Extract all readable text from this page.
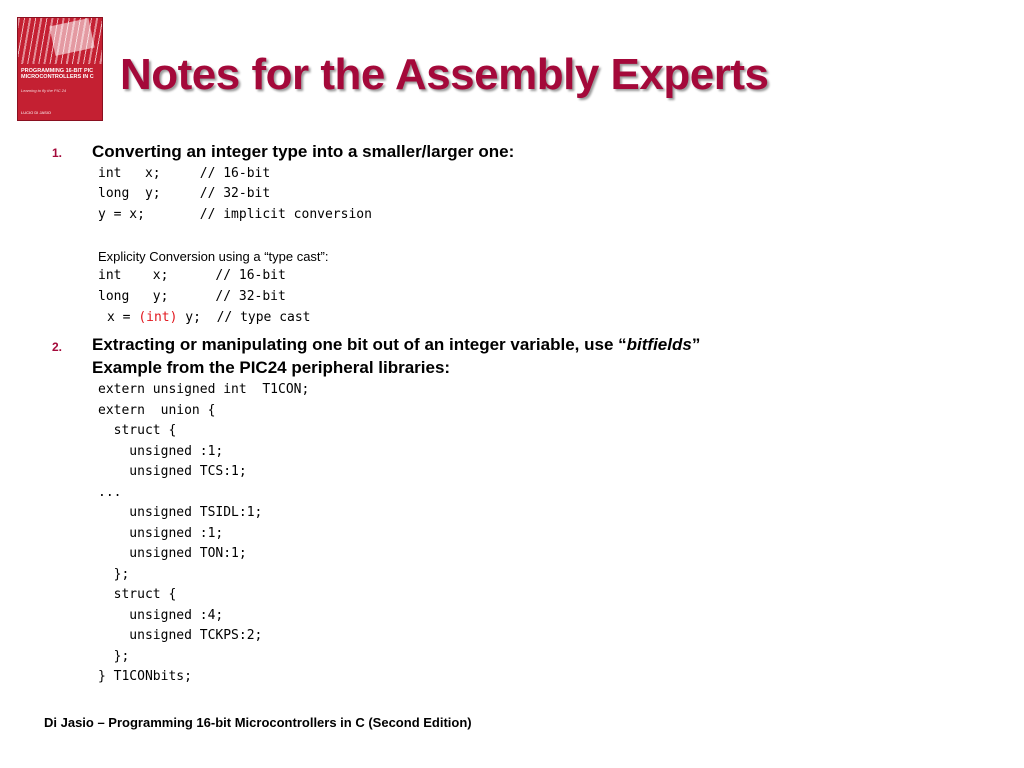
PROGRAMMING 16-BIT PIC MICROCONTROLLERS IN C
Learning to fly the PIC 24
LUCIO DI JASIO
Notes for the Assembly Experts
1. Converting an integer type into a smaller/larger one:
int   x;     // 16-bit
long  y;     // 32-bit
y = x;       // implicit conversion
Explicity Conversion using a “type cast”:
int    x;      // 16-bit
long   y;      // 32-bit
x = (int) y;  // type cast
2. Extracting or manipulating one bit out of an integer variable, use “bitfields”
Example from the PIC24 peripheral libraries:
extern unsigned int  T1CON;
extern  union {
struct {
unsigned :1;
unsigned TCS:1;
...
unsigned TSIDL:1;
unsigned :1;
unsigned TON:1;
};
struct {
unsigned :4;
unsigned TCKPS:2;
};
} T1CONbits;
Di Jasio – Programming 16-bit Microcontrollers in C (Second Edition)
